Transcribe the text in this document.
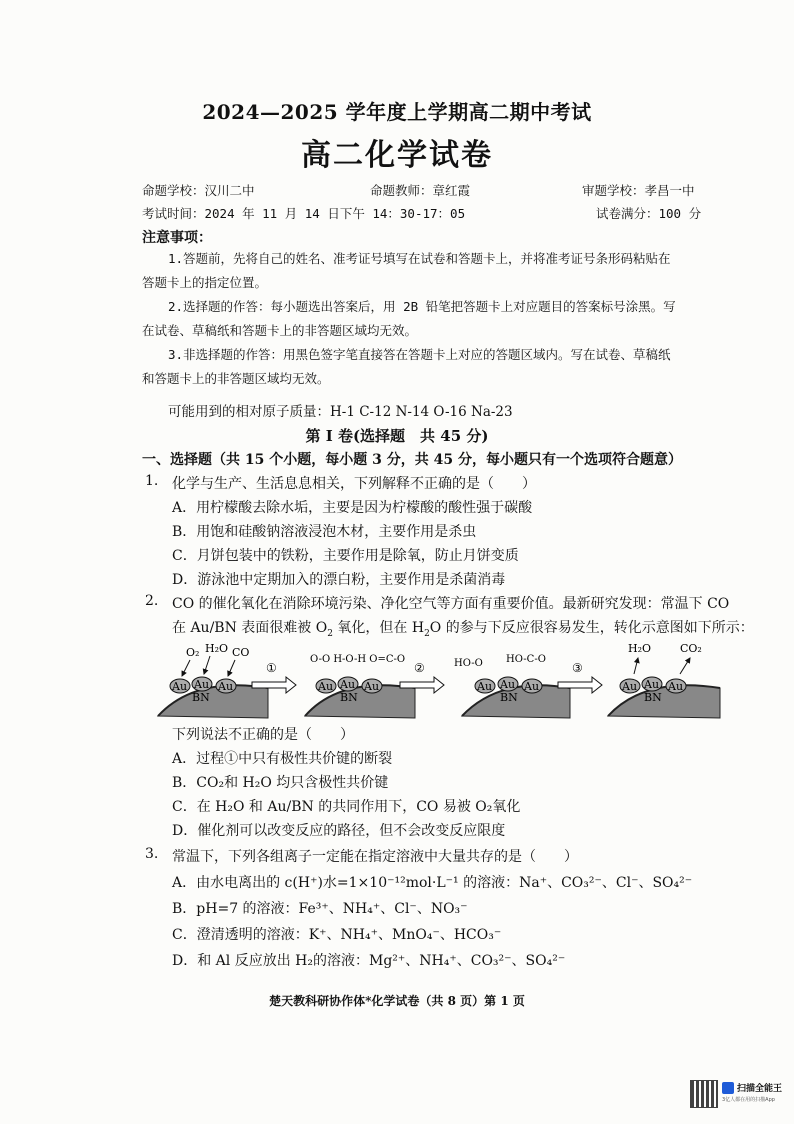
2024—2025 学年度上学期高二期中考试
高二化学试卷
命题学校：汉川二中	命题教师：章红霞	审题学校：孝昌一中
考试时间：2024 年 11 月 14 日下午 14：30-17：05	试卷满分：100 分
注意事项：
1.答题前，先将自己的姓名、准考证号填写在试卷和答题卡上，并将准考证号条形码粘贴在
答题卡上的指定位置。
2.选择题的作答：每小题选出答案后，用 2B 铅笔把答题卡上对应题目的答案标号涂黑。写
在试卷、草稿纸和答题卡上的非答题区域均无效。
3.非选择题的作答：用黑色签字笔直接答在答题卡上对应的答题区域内。写在试卷、草稿纸
和答题卡上的非答题区域均无效。
可能用到的相对原子质量：H-1 C-12 N-14 O-16 Na-23
第 I 卷(选择题　共 45 分)
一、选择题（共 15 个小题，每小题 3 分，共 45 分，每小题只有一个选项符合题意）
1. 化学与生产、生活息息相关，下列解释不正确的是（　　）
A．用柠檬酸去除水垢，主要是因为柠檬酸的酸性强于碳酸
B．用饱和硅酸钠溶液浸泡木材，主要作用是杀虫
C．月饼包装中的铁粉，主要作用是除氧，防止月饼变质
D．游泳池中定期加入的漂白粉，主要作用是杀菌消毒
2. CO 的催化氧化在消除环境污染、净化空气等方面有重要价值。最新研究发现：常温下 CO
在 Au/BN 表面很难被 $O_2$ 氧化，但在 $H_2O$ 的参与下反应很容易发生，转化示意图如下所示：
Au Au Au
BN
O₂ H₂O CO
①
Au Au Au
BN
O-O H-O-H O=C-O
②
Au Au Au
BN
HO-O HO-C-O
③
Au Au Au
BN
H₂O	CO₂
下列说法不正确的是（　　）
A．过程①中只有极性共价键的断裂
B．CO₂和 H₂O 均只含极性共价键
C．在 H₂O 和 Au/BN 的共同作用下，CO 易被 O₂氧化
D．催化剂可以改变反应的路径，但不会改变反应限度
3. 常温下，下列各组离子一定能在指定溶液中大量共存的是（　　）
A．由水电离出的 c(H⁺)水=1×10⁻¹²mol·L⁻¹ 的溶液：Na⁺、CO₃²⁻、Cl⁻、SO₄²⁻
B．pH=7 的溶液：Fe³⁺、NH₄⁺、Cl⁻、NO₃⁻
C．澄清透明的溶液：K⁺、NH₄⁺、MnO₄⁻、HCO₃⁻
D．和 Al 反应放出 H₂的溶液：Mg²⁺、NH₄⁺、CO₃²⁻、SO₄²⁻
楚天教科研协作体*化学试卷（共 8 页）第 1 页
扫描全能王
3亿人都在用的扫描App
